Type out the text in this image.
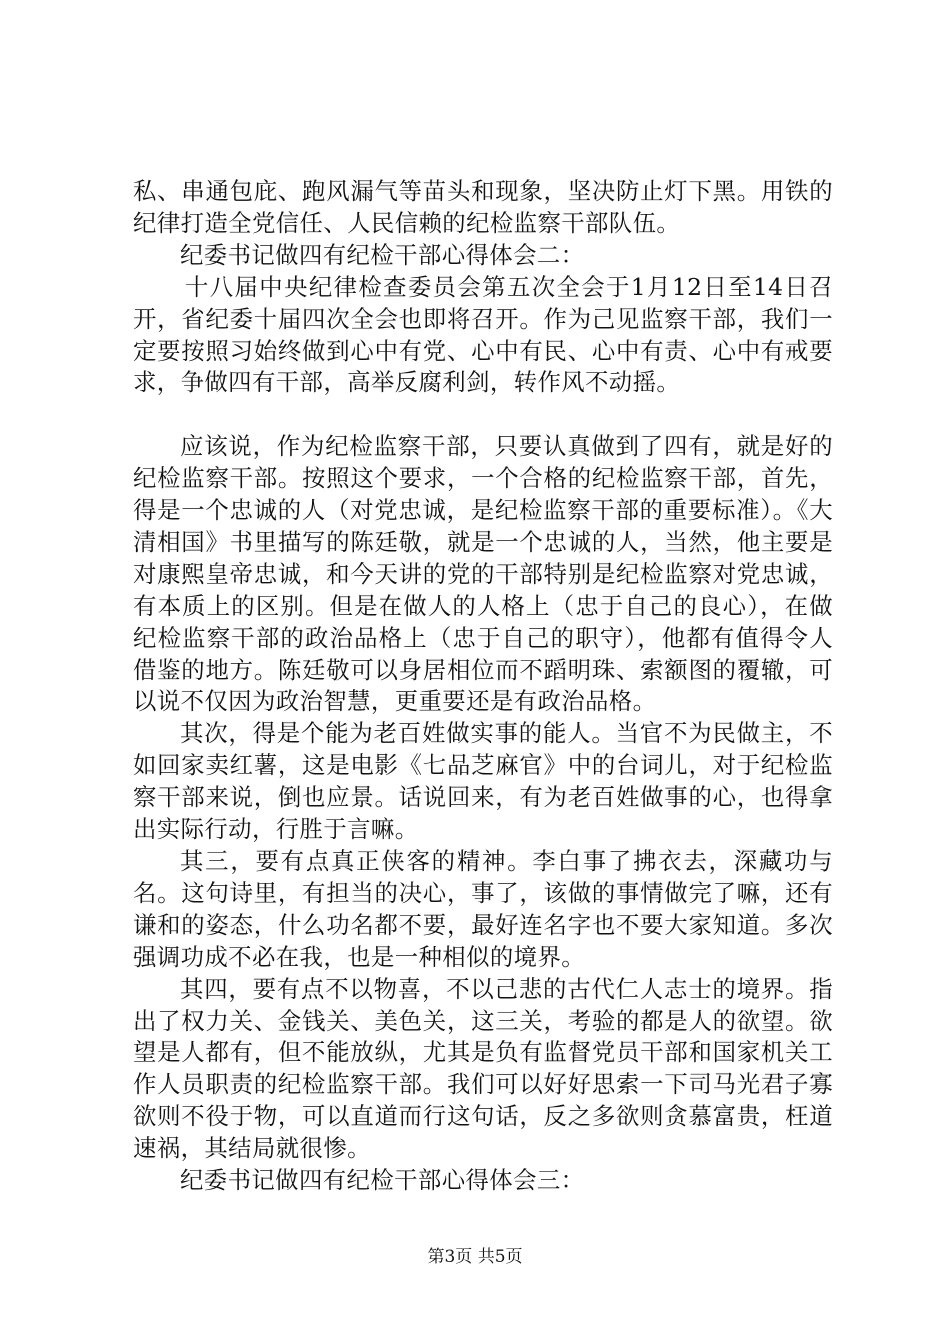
私、串通包庇、跑风漏气等苗头和现象，坚决防止灯下黑。用铁的纪律打造全党信任、人民信赖的纪检监察干部队伍。

纪委书记做四有纪检干部心得体会二：

十八届中央纪律检查委员会第五次全会于1月12日至14日召开，省纪委十届四次全会也即将召开。作为己见监察干部，我们一定要按照习始终做到心中有党、心中有民、心中有责、心中有戒要求，争做四有干部，高举反腐利剑，转作风不动摇。

应该说，作为纪检监察干部，只要认真做到了四有，就是好的纪检监察干部。按照这个要求，一个合格的纪检监察干部，首先，得是一个忠诚的人（对党忠诚，是纪检监察干部的重要标准）。《大清相国》书里描写的陈廷敬，就是一个忠诚的人，当然，他主要是对康熙皇帝忠诚，和今天讲的党的干部特别是纪检监察对党忠诚，有本质上的区别。但是在做人的人格上（忠于自己的良心），在做纪检监察干部的政治品格上（忠于自己的职守），他都有值得令人借鉴的地方。陈廷敬可以身居相位而不蹈明珠、索额图的覆辙，可以说不仅因为政治智慧，更重要还是有政治品格。

其次，得是个能为老百姓做实事的能人。当官不为民做主，不如回家卖红薯，这是电影《七品芝麻官》中的台词儿，对于纪检监察干部来说，倒也应景。话说回来，有为老百姓做事的心，也得拿出实际行动，行胜于言嘛。

其三，要有点真正侠客的精神。李白事了拂衣去，深藏功与名。这句诗里，有担当的决心，事了，该做的事情做完了嘛，还有谦和的姿态，什么功名都不要，最好连名字也不要大家知道。多次强调功成不必在我，也是一种相似的境界。

其四，要有点不以物喜，不以己悲的古代仁人志士的境界。指出了权力关、金钱关、美色关，这三关，考验的都是人的欲望。欲望是人都有，但不能放纵，尤其是负有监督党员干部和国家机关工作人员职责的纪检监察干部。我们可以好好思索一下司马光君子寡欲则不役于物，可以直道而行这句话，反之多欲则贪慕富贵，枉道速祸，其结局就很惨。

纪委书记做四有纪检干部心得体会三：

第3页 共5页
